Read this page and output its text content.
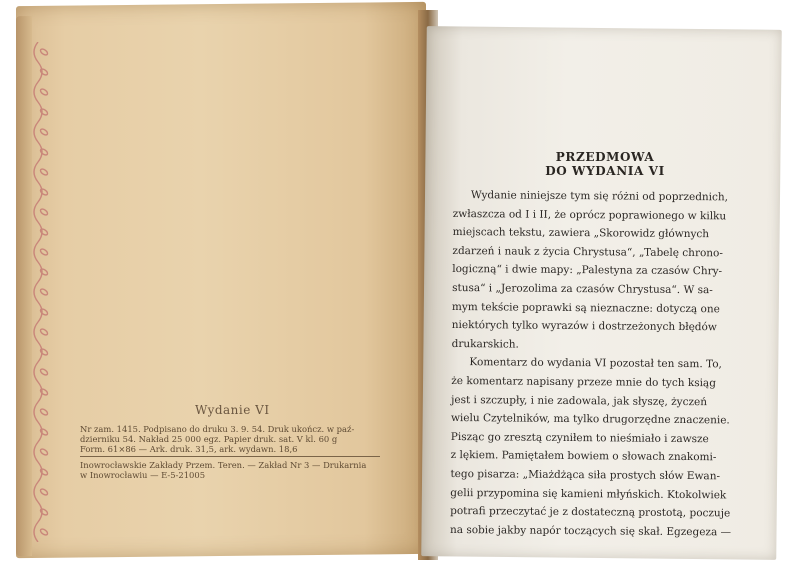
Wydanie VI
Nr zam. 1415. Podpisano do druku 3. 9. 54. Druk ukończ. w paź-
dzierniku 54. Nakład 25 000 egz. Papier druk. sat. V kl. 60 g
Form. 61×86 — Ark. druk. 31,5, ark. wydawn. 18,6
Inowrocławskie Zakłady Przem. Teren. — Zakład Nr 3 — Drukarnia
w Inowrocławiu — E-5-21005
PRZEDMOWA
DO WYDANIA VI
Wydanie niniejsze tym się różni od poprzednich,
zwłaszcza od I i II, że oprócz poprawionego w kilku
miejscach tekstu, zawiera „Skorowidz głównych
zdarzeń i nauk z życia Chrystusa“, „Tabelę chrono-
logiczną“ i dwie mapy: „Palestyna za czasów Chry-
stusa“ i „Jerozolima za czasów Chrystusa“. W sa-
mym tekście poprawki są nieznaczne: dotyczą one
niektórych tylko wyrazów i dostrzeżonych błędów
drukarskich.
Komentarz do wydania VI pozostał ten sam. To,
że komentarz napisany przeze mnie do tych ksiąg
jest i szczupły, i nie zadowala, jak słyszę, życzeń
wielu Czytelników, ma tylko drugorzędne znaczenie.
Pisząc go zresztą czyniłem to nieśmiało i zawsze
z lękiem. Pamiętałem bowiem o słowach znakomi-
tego pisarza: „Miażdżąca siła prostych słów Ewan-
gelii przypomina się kamieni młyńskich. Ktokolwiek
potrafi przeczytać je z dostateczną prostotą, poczuje
na sobie jakby napór toczących się skał. Egzegeza —
